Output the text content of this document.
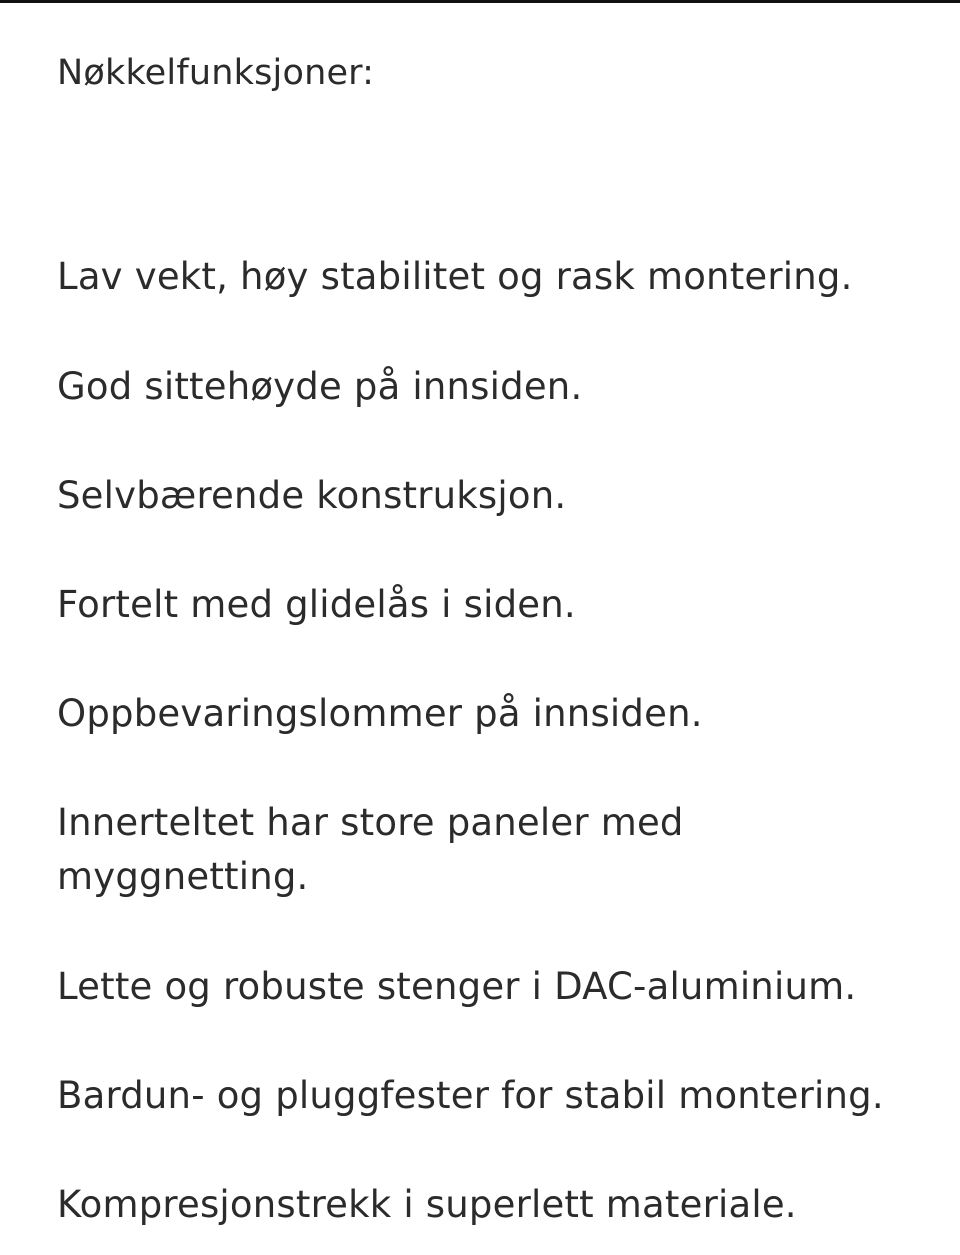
Nøkkelfunksjoner:
Lav vekt, høy stabilitet og rask montering.
God sittehøyde på innsiden.
Selvbærende konstruksjon.
Fortelt med glidelås i siden.
Oppbevaringslommer på innsiden.
Innerteltet har store paneler med myggnetting.
Lette og robuste stenger i DAC-aluminium.
Bardun- og pluggfester for stabil montering.
Kompresjonstrekk i superlett materiale.
